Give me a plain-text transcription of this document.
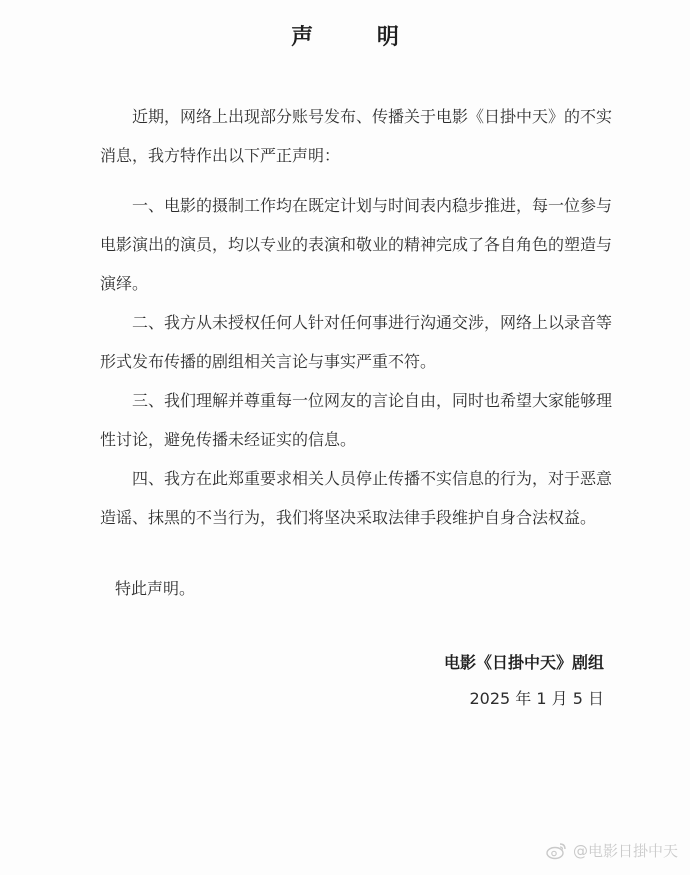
声 明

近期，网络上出现部分账号发布、传播关于电影《日掛中天》的不实消息，我方特作出以下严正声明：

一、电影的摄制工作均在既定计划与时间表内稳步推进，每一位参与电影演出的演员，均以专业的表演和敬业的精神完成了各自角色的塑造与演绎。

二、我方从未授权任何人针对任何事进行沟通交涉，网络上以录音等形式发布传播的剧组相关言论与事实严重不符。

三、我们理解并尊重每一位网友的言论自由，同时也希望大家能够理性讨论，避免传播未经证实的信息。

四、我方在此郑重要求相关人员停止传播不实信息的行为，对于恶意造谣、抹黑的不当行为，我们将坚决采取法律手段维护自身合法权益。

特此声明。
电影《日掛中天》剧组
2025 年 1 月 5 日
@电影日掛中天
